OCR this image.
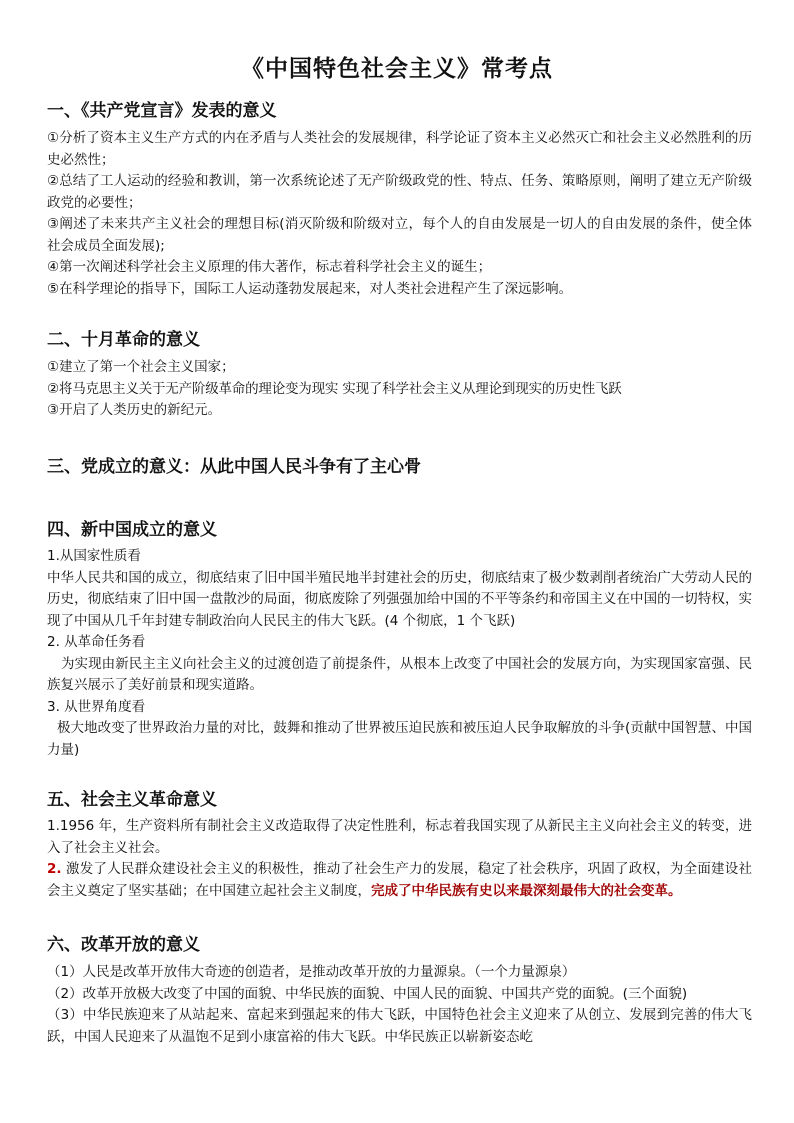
《中国特色社会主义》常考点
一、《共产党宣言》发表的意义

①分析了资本主义生产方式的内在矛盾与人类社会的发展规律，科学论证了资本主义必然灭亡和社会主义必然胜利的历史必然性；

②总结了工人运动的经验和教训，第一次系统论述了无产阶级政党的性、特点、任务、策略原则，阐明了建立无产阶级政党的必要性；

③阐述了未来共产主义社会的理想目标(消灭阶级和阶级对立，每个人的自由发展是一切人的自由发展的条件，使全体社会成员全面发展);

④第一次阐述科学社会主义原理的伟大著作，标志着科学社会主义的诞生；

⑤在科学理论的指导下，国际工人运动蓬勃发展起来，对人类社会进程产生了深远影响。

二、十月革命的意义

①建立了第一个社会主义国家；

②将马克思主义关于无产阶级革命的理论变为现实 实现了科学社会主义从理论到现实的历史性飞跃

③开启了人类历史的新纪元。

三、党成立的意义：从此中国人民斗争有了主心骨
四、新中国成立的意义

1.从国家性质看

中华人民共和国的成立，彻底结束了旧中国半殖民地半封建社会的历史，彻底结束了极少数剥削者统治广大劳动人民的历史，彻底结束了旧中国一盘散沙的局面，彻底废除了列强强加给中国的不平等条约和帝国主义在中国的一切特权，实现了中国从几千年封建专制政治向人民民主的伟大飞跃。(4 个彻底，1 个飞跃)

2. 从革命任务看

为实现由新民主主义向社会主义的过渡创造了前提条件，从根本上改变了中国社会的发展方向，为实现国家富强、民族复兴展示了美好前景和现实道路。

3. 从世界角度看

极大地改变了世界政治力量的对比，鼓舞和推动了世界被压迫民族和被压迫人民争取解放的斗争(贡献中国智慧、中国力量)

五、社会主义革命意义

1.1956 年，生产资料所有制社会主义改造取得了决定性胜利，标志着我国实现了从新民主主义向社会主义的转变，进入了社会主义社会。

2. 激发了人民群众建设社会主义的积极性，推动了社会生产力的发展，稳定了社会秩序，巩固了政权，为全面建设社会主义奠定了坚实基础；在中国建立起社会主义制度，完成了中华民族有史以来最深刻最伟大的社会变革。

六、改革开放的意义

（1）人民是改革开放伟大奇迹的创造者，是推动改革开放的力量源泉。（一个力量源泉）

（2）改革开放极大改变了中国的面貌、中华民族的面貌、中国人民的面貌、中国共产党的面貌。(三个面貌)

（3）中华民族迎来了从站起来、富起来到强起来的伟大飞跃，中国特色社会主义迎来了从创立、发展到完善的伟大飞跃，中国人民迎来了从温饱不足到小康富裕的伟大飞跃。中华民族正以崭新姿态屹
